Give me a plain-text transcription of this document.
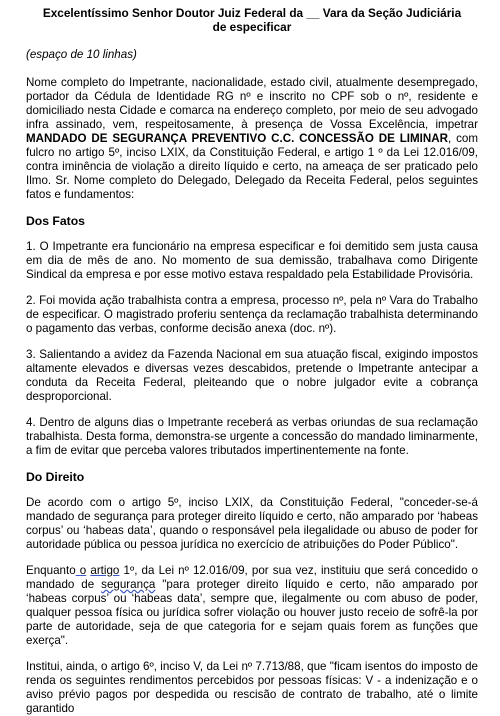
Excelentíssimo Senhor Doutor Juiz Federal da __ Vara da Seção Judiciária
de especificar
(espaço de 10 linhas)

Nome completo do Impetrante, nacionalidade, estado civil, atualmente desempregado, portador da Cédula de Identidade RG nº e inscrito no CPF sob o nº, residente e domiciliado nesta Cidade e comarca na endereço completo, por meio de seu advogado infra assinado, vem, respeitosamente, à presença de Vossa Excelência, impetrar MANDADO DE SEGURANÇA PREVENTIVO C.C. CONCESSÃO DE LIMINAR, com fulcro no artigo 5º, inciso LXIX, da Constituição Federal, e artigo 1 º da Lei 12.016/09, contra iminência de violação a direito líquido e certo, na ameaça de ser praticado pelo Ilmo. Sr. Nome completo do Delegado, Delegado da Receita Federal, pelos seguintes fatos e fundamentos:

Dos Fatos

1. O Impetrante era funcionário na empresa especificar e foi demitido sem justa causa em dia de mês de ano. No momento de sua demissão, trabalhava como Dirigente Sindical da empresa e por esse motivo estava respaldado pela Estabilidade Provisória.

2. Foi movida ação trabalhista contra a empresa, processo nº, pela nº Vara do Trabalho de especificar. O magistrado proferiu sentença da reclamação trabalhista determinando o pagamento das verbas, conforme decisão anexa (doc. nº).

3. Salientando a avidez da Fazenda Nacional em sua atuação fiscal, exigindo impostos altamente elevados e diversas vezes descabidos, pretende o Impetrante antecipar a conduta da Receita Federal, pleiteando que o nobre julgador evite a cobrança desproporcional.

4. Dentro de alguns dias o Impetrante receberá as verbas oriundas de sua reclamação trabalhista. Desta forma, demonstra-se urgente a concessão do mandado liminarmente, a fim de evitar que perceba valores tributados impertinentemente na fonte.

Do Direito

De acordo com o artigo 5º, inciso LXIX, da Constituição Federal, "conceder-se-á mandado de segurança para proteger direito líquido e certo, não amparado por ‘habeas corpus’ ou ‘habeas data’, quando o responsável pela ilegalidade ou abuso de poder for autoridade pública ou pessoa jurídica no exercício de atribuições do Poder Público".

Enquanto o artigo 1º, da Lei nº 12.016/09, por sua vez, instituiu que será concedido o mandado de segurança "para proteger direito líquido e certo, não amparado por ‘habeas corpus’ ou ‘habeas data’, sempre que, ilegalmente ou com abuso de poder, qualquer pessoa física ou jurídica sofrer violação ou houver justo receio de sofrê-la por parte de autoridade, seja de que categoria for e sejam quais forem as funções que exerça".

Institui, ainda, o artigo 6º, inciso V, da Lei nº 7.713/88, que "ficam isentos do imposto de renda os seguintes rendimentos percebidos por pessoas físicas: V - a indenização e o aviso prévio pagos por despedida ou rescisão de contrato de trabalho, até o limite garantido
